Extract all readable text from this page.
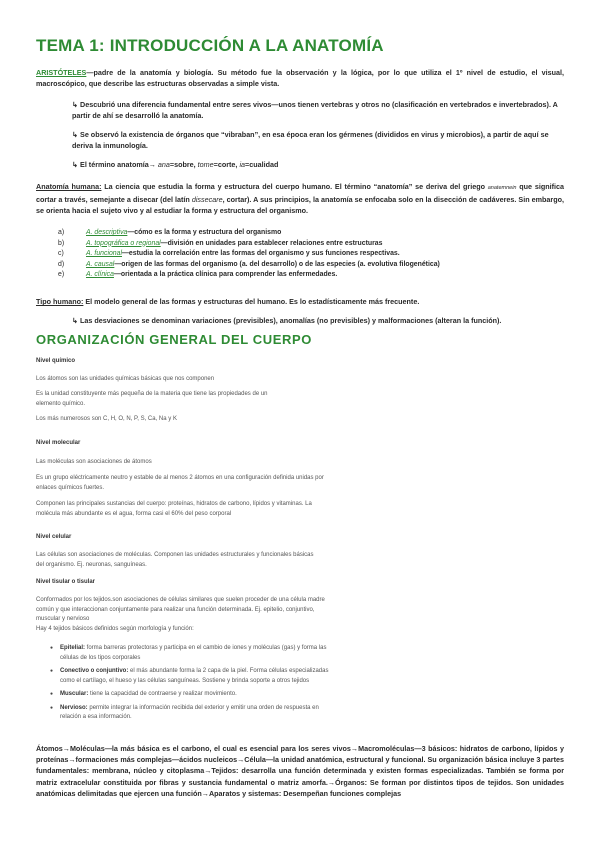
TEMA 1: INTRODUCCIÓN A LA ANATOMÍA
ARISTÓTELES—padre de la anatomía y biología. Su método fue la observación y la lógica, por lo que utiliza el 1º nivel de estudio, el visual, macroscópico, que describe las estructuras observadas a simple vista.
↳ Descubrió una diferencia fundamental entre seres vivos—unos tienen vertebras y otros no (clasificación en vertebrados e invertebrados). A partir de ahí se desarrolló la anatomía.
↳ Se observó la existencia de órganos que “vibraban”, en esa época eran los gérmenes (divididos en virus y microbios), a partir de aquí se deriva la inmunología.
↳ El término anatomía→ ana=sobre, tome=corte, ia=cualidad
Anatomía humana: La ciencia que estudia la forma y estructura del cuerpo humano. El término “anatomía” se deriva del griego anatemnein que significa cortar a través, semejante a disecar (del latín dissecare, cortar). A sus principios, la anatomía se enfocaba solo en la disección de cadáveres. Sin embargo, se orienta hacia el sujeto vivo y al estudiar la forma y estructura del organismo.
a)	A. descriptiva—cómo es la forma y estructura del organismo
b)	A. topográfica o regional—división en unidades para establecer relaciones entre estructuras
c)	A. funcional—estudia la correlación entre las formas del organismo y sus funciones respectivas.
d)	A. causal—origen de las formas del organismo (a. del desarrollo) o de las especies (a. evolutiva filogenética)
e)	A. clínica—orientada a la práctica clínica para comprender las enfermedades.
Tipo humano: El modelo general de las formas y estructuras del humano. Es lo estadísticamente más frecuente.
↳ Las desviaciones se denominan variaciones (previsibles), anomalías (no previsibles) y malformaciones (alteran la función).
ORGANIZACIÓN GENERAL DEL CUERPO
Nivel químico
Los átomos son las unidades químicas básicas que nos componen
Es la unidad constituyente más pequeña de la materia que tiene las propiedades de un elemento químico.
Los más numerosos son C, H, O, N, P, S, Ca, Na y K
Nivel molecular
Las moléculas son asociaciones de átomos
Es un grupo eléctricamente neutro y estable de al menos 2 átomos en una configuración definida unidas por enlaces químicos fuertes.
Componen las principales sustancias del cuerpo: proteínas, hidratos de carbono, lípidos y vitaminas. La molécula más abundante es el agua, forma casi el 60% del peso corporal
Nivel celular
Las células son asociaciones de moléculas. Componen las unidades estructurales y funcionales básicas del organismo. Ej. neuronas, sanguíneas.
Nivel tisular o tisular
Conformados por los tejidos.son asociaciones de células similares que suelen proceder de una célula madre común y que interaccionan conjuntamente para realizar una función determinada. Ej. epitelio, conjuntivo, muscular y nervioso
Hay 4 tejidos básicos definidos según morfología y función:
● Epitelial: forma barreras protectoras y participa en el cambio de iones y moléculas (gas) y forma las células de los tipos corporales
● Conectivo o conjuntivo: el más abundante forma la 2 capa de la piel. Forma células especializadas como el cartílago, el hueso y las células sanguíneas. Sostiene y brinda soporte a otros tejidos
● Muscular: tiene la capacidad de contraerse y realizar movimiento.
● Nervioso: permite integrar la información recibida del exterior y emitir una orden de respuesta en relación a esa información.
Átomos→Moléculas—la más básica es el carbono, el cual es esencial para los seres vivos→Macromoléculas—3 básicos: hidratos de carbono, lípidos y proteínas→formaciones más complejas—ácidos nucleicos→Célula—la unidad anatómica, estructural y funcional. Su organización básica incluye 3 partes fundamentales: membrana, núcleo y citoplasma→Tejidos: desarrolla una función determinada y existen formas especializadas. También se forma por matriz extracelular constituida por fibras y sustancia fundamental o matriz amorfa.→Órganos: Se forman por distintos tipos de tejidos. Son unidades anatómicas delimitadas que ejercen una función→Aparatos y sistemas: Desempeñan funciones complejas
